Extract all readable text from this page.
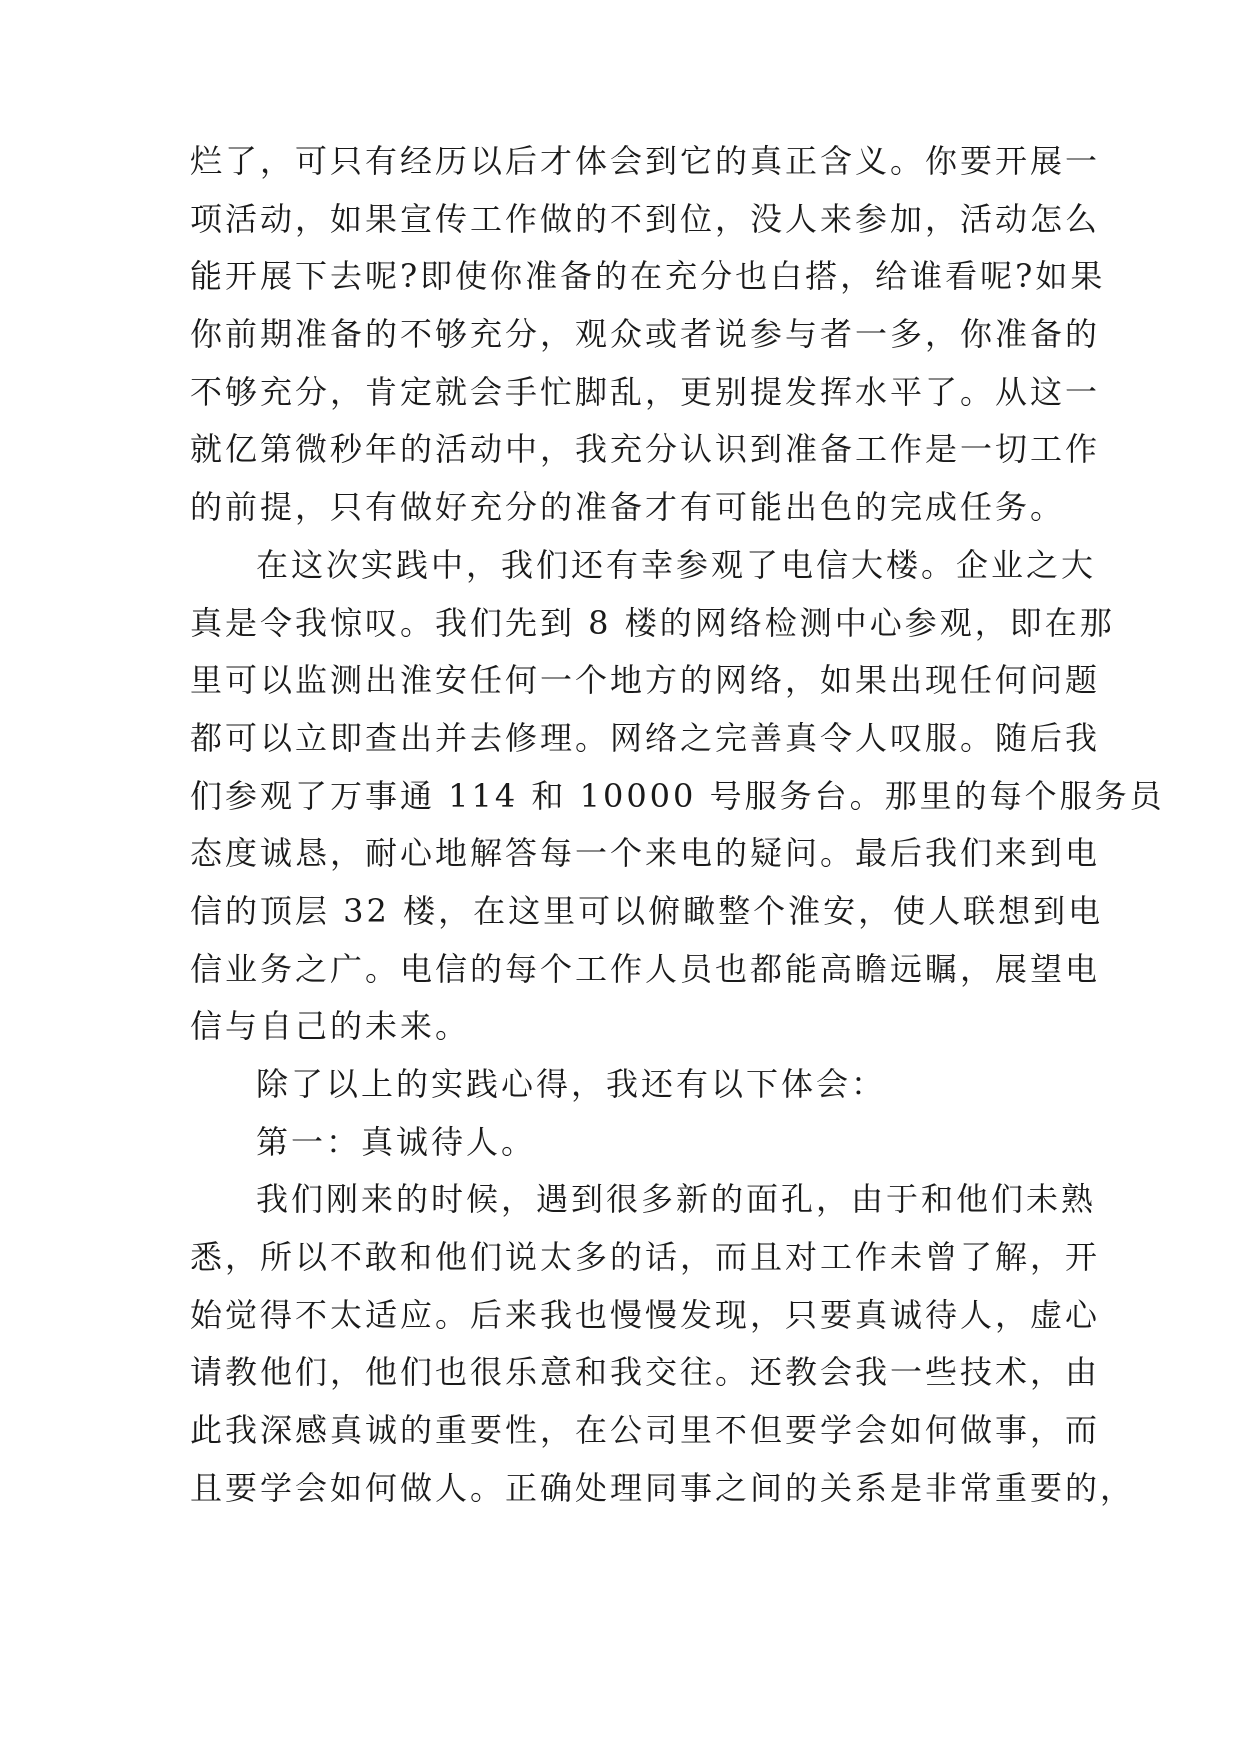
烂了，可只有经历以后才体会到它的真正含义。你要开展一
项活动，如果宣传工作做的不到位，没人来参加，活动怎么
能开展下去呢?即使你准备的在充分也白搭，给谁看呢?如果
你前期准备的不够充分，观众或者说参与者一多，你准备的
不够充分，肯定就会手忙脚乱，更别提发挥水平了。从这一
就亿第微秒年的活动中，我充分认识到准备工作是一切工作
的前提，只有做好充分的准备才有可能出色的完成任务。
在这次实践中，我们还有幸参观了电信大楼。企业之大
真是令我惊叹。我们先到 8 楼的网络检测中心参观，即在那
里可以监测出淮安任何一个地方的网络，如果出现任何问题
都可以立即查出并去修理。网络之完善真令人叹服。随后我
们参观了万事通 114 和 10000 号服务台。那里的每个服务员
态度诚恳，耐心地解答每一个来电的疑问。最后我们来到电
信的顶层 32 楼，在这里可以俯瞰整个淮安，使人联想到电
信业务之广。电信的每个工作人员也都能高瞻远瞩，展望电
信与自己的未来。
除了以上的实践心得，我还有以下体会：
第一：真诚待人。
我们刚来的时候，遇到很多新的面孔，由于和他们未熟
悉，所以不敢和他们说太多的话，而且对工作未曾了解，开
始觉得不太适应。后来我也慢慢发现，只要真诚待人，虚心
请教他们，他们也很乐意和我交往。还教会我一些技术，由
此我深感真诚的重要性，在公司里不但要学会如何做事，而
且要学会如何做人。正确处理同事之间的关系是非常重要的，
